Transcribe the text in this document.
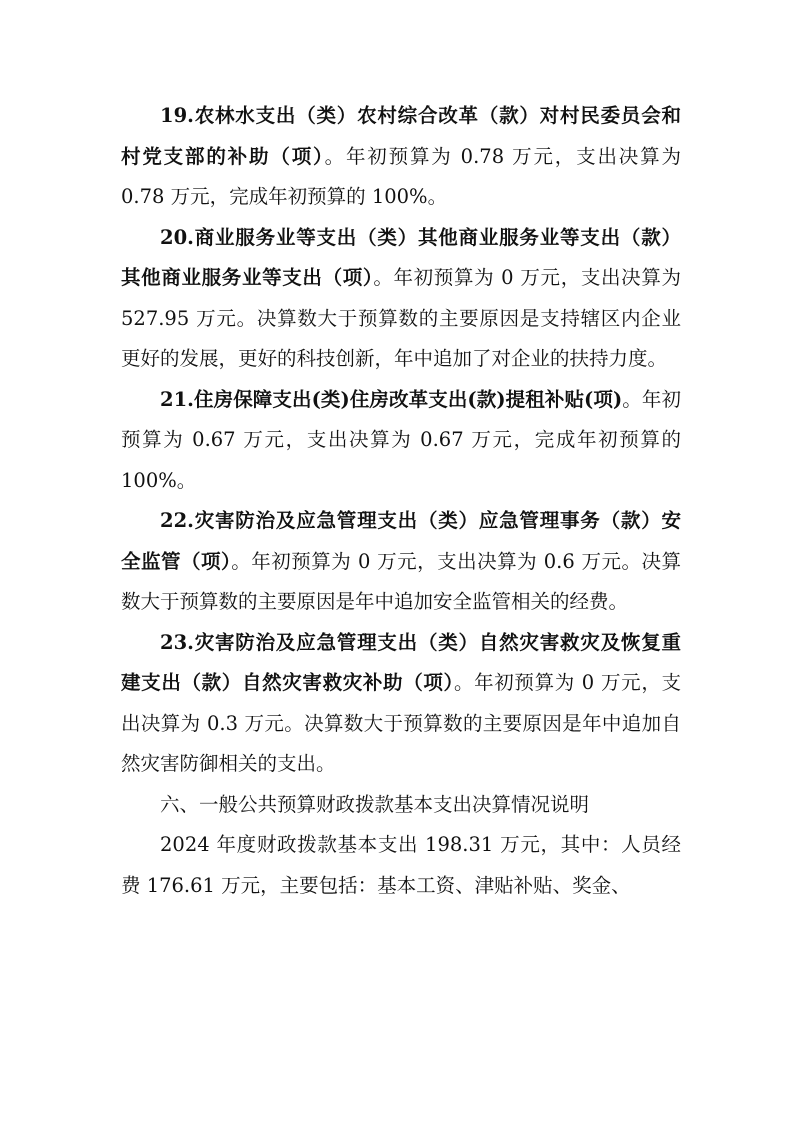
19.农林水支出（类）农村综合改革（款）对村民委员会和村党支部的补助（项）。年初预算为 0.78 万元，支出决算为 0.78 万元，完成年初预算的 100%。

20.商业服务业等支出（类）其他商业服务业等支出（款）其他商业服务业等支出（项）。年初预算为 0 万元，支出决算为 527.95 万元。决算数大于预算数的主要原因是支持辖区内企业更好的发展，更好的科技创新，年中追加了对企业的扶持力度。

21.住房保障支出(类)住房改革支出(款)提租补贴(项)。年初预算为 0.67 万元，支出决算为 0.67 万元，完成年初预算的 100%。

22.灾害防治及应急管理支出（类）应急管理事务（款）安全监管（项）。年初预算为 0 万元，支出决算为 0.6 万元。决算数大于预算数的主要原因是年中追加安全监管相关的经费。

23.灾害防治及应急管理支出（类）自然灾害救灾及恢复重建支出（款）自然灾害救灾补助（项）。年初预算为 0 万元，支出决算为 0.3 万元。决算数大于预算数的主要原因是年中追加自然灾害防御相关的支出。

六、一般公共预算财政拨款基本支出决算情况说明

2024 年度财政拨款基本支出 198.31 万元，其中：人员经费 176.61 万元，主要包括：基本工资、津贴补贴、奖金、
